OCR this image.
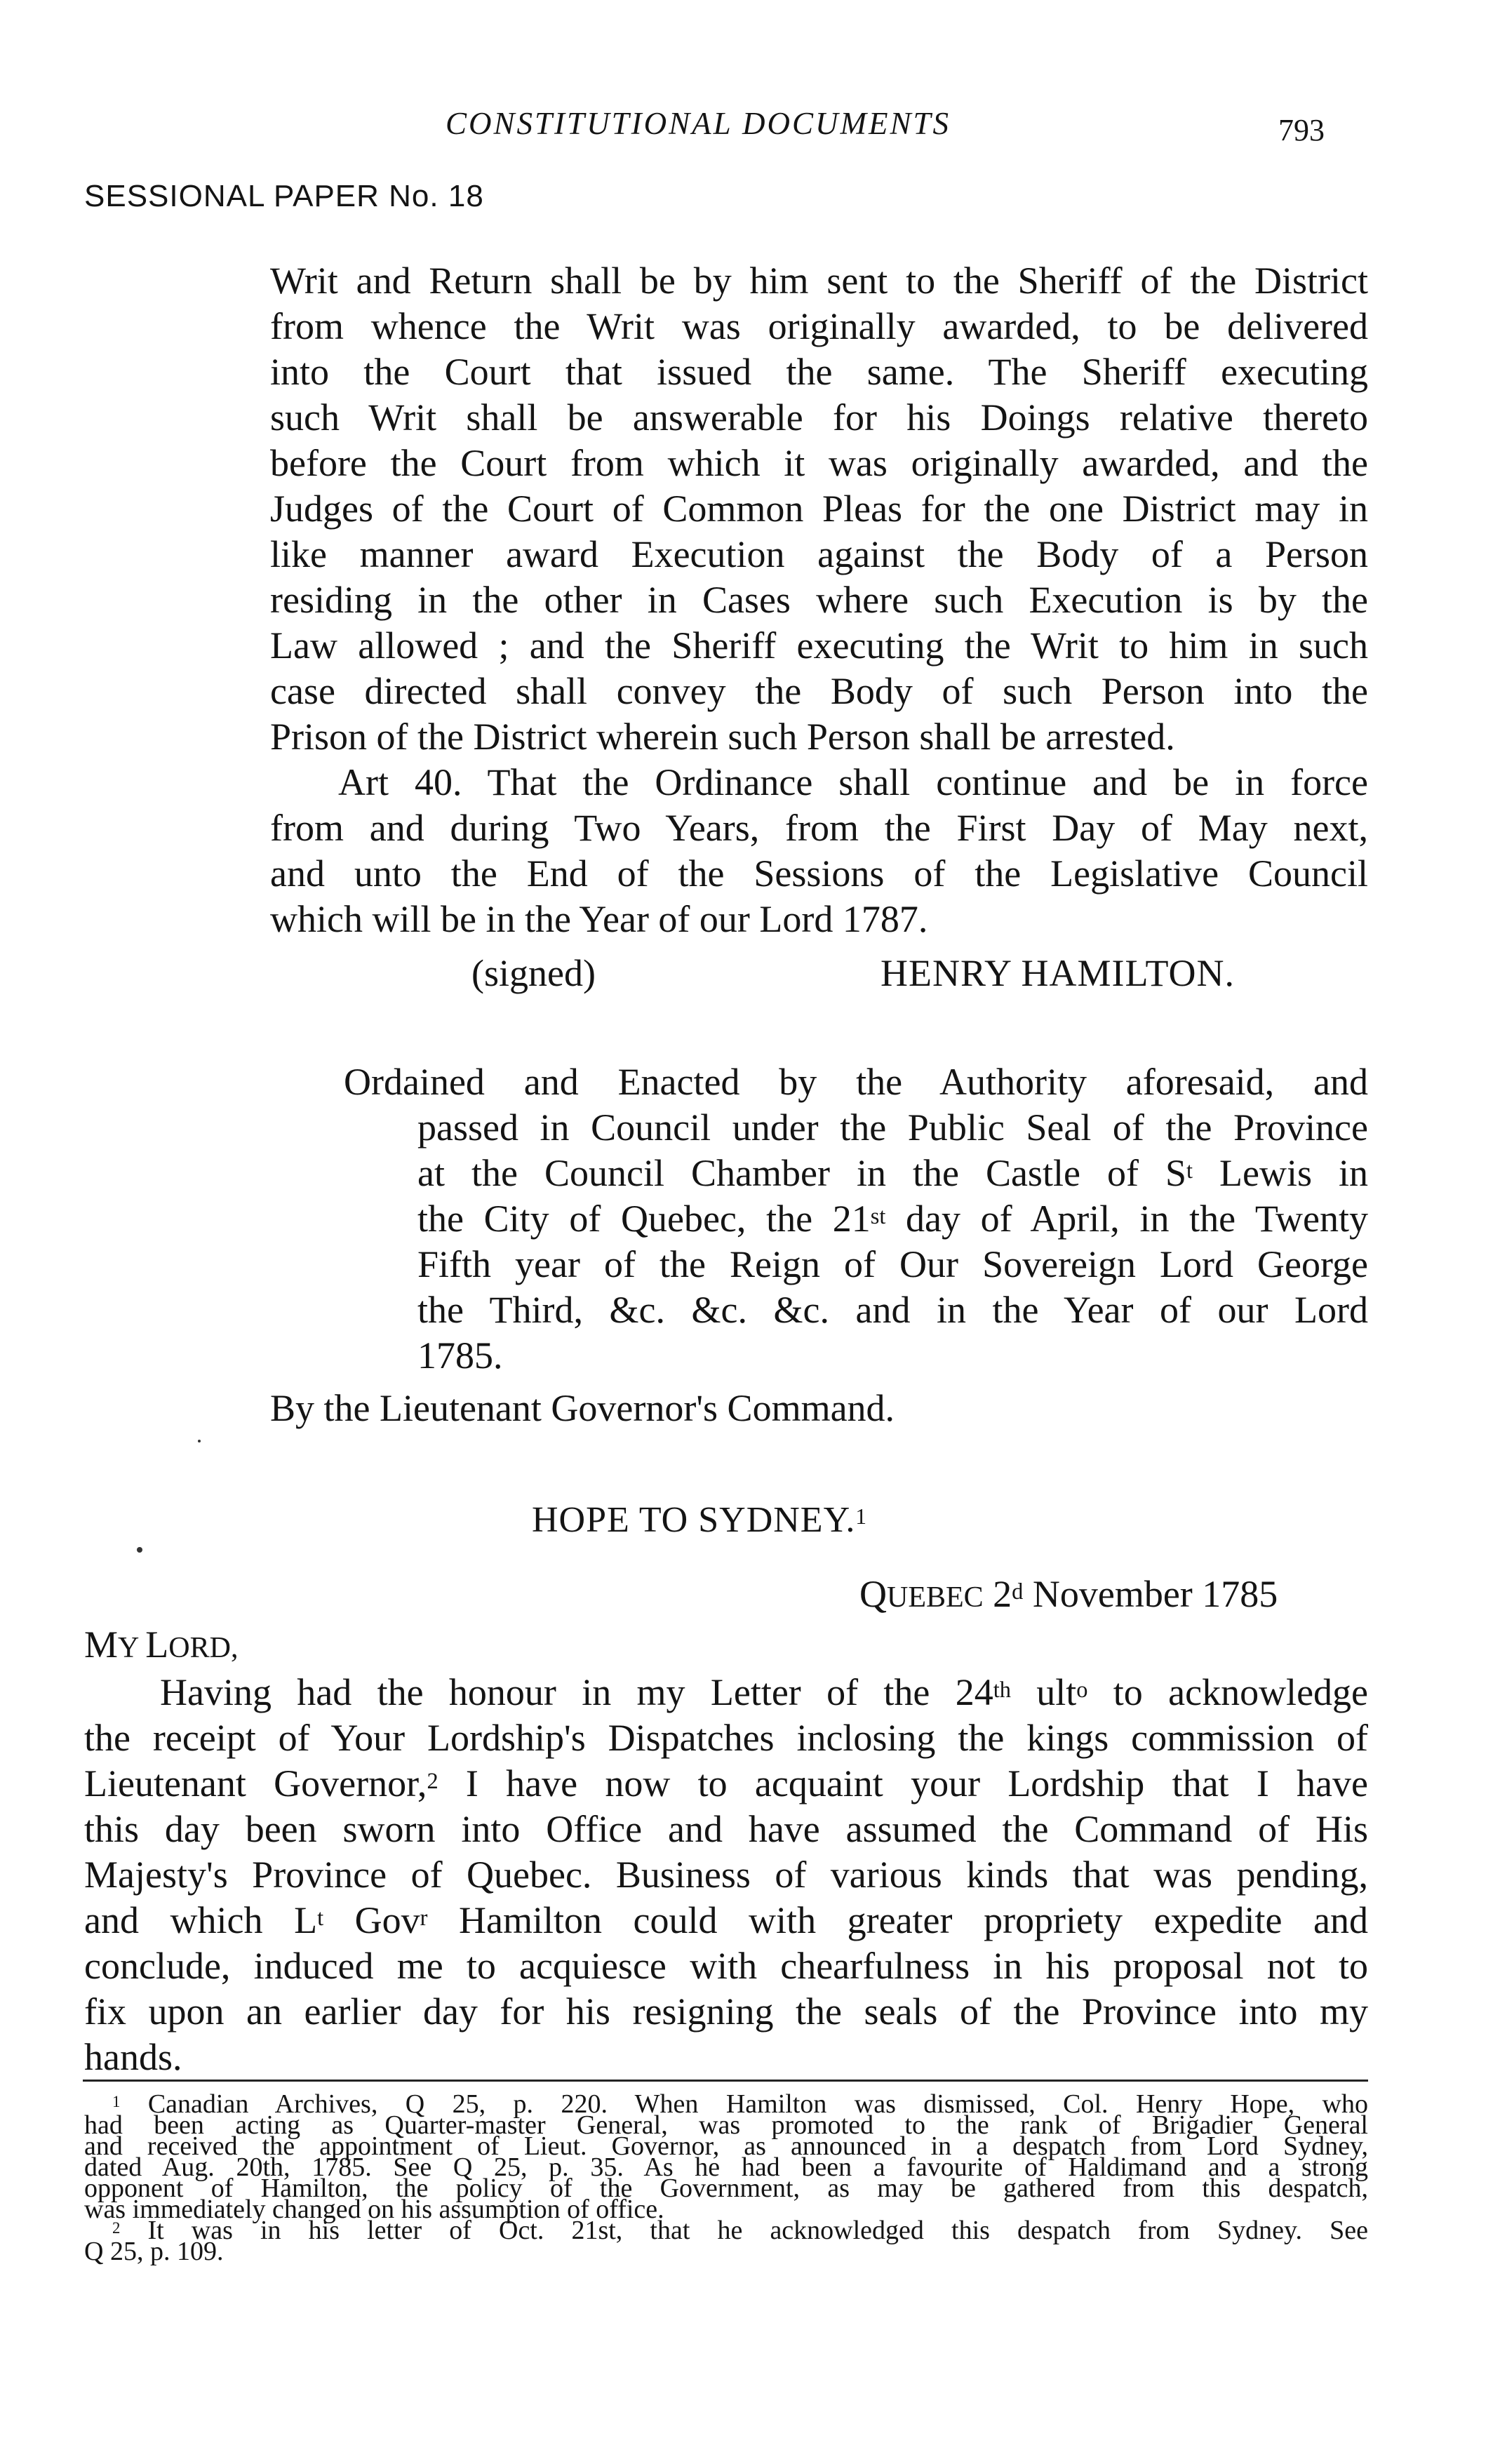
CONSTITUTIONAL DOCUMENTS	793
SESSIONAL PAPER No. 18
Writ and Return shall be by him sent to the Sheriff of the District
from whence the Writ was originally awarded, to be delivered
into the Court that issued the same. The Sheriff executing
such Writ shall be answerable for his Doings relative thereto
before the Court from which it was originally awarded, and the
Judges of the Court of Common Pleas for the one District may in
like manner award Execution against the Body of a Person
residing in the other in Cases where such Execution is by the
Law allowed ; and the Sheriff executing the Writ to him in such
case directed shall convey the Body of such Person into the
Prison of the District wherein such Person shall be arrested.
Art 40. That the Ordinance shall continue and be in force
from and during Two Years, from the First Day of May next,
and unto the End of the Sessions of the Legislative Council
which will be in the Year of our Lord 1787.
(signed)	HENRY HAMILTON.
Ordained and Enacted by the Authority aforesaid, and
passed in Council under the Public Seal of the Province
at the Council Chamber in the Castle of $S^t$ Lewis in
the City of Quebec, the 21st day of April, in the Twenty
Fifth year of the Reign of Our Sovereign Lord George
the Third, &c. &c. &c. and in the Year of our Lord
1785.
By the Lieutenant Governor's Command.
HOPE TO SYDNEY.$^1$
QUEBEC 2$^d$ November 1785
MY LORD,
Having had the honour in my Letter of the 24th ult$^o$ to acknowledge
the receipt of Your Lordship's Dispatches inclosing the kings commission of
Lieutenant Governor,$^2$ I have now to acquaint your Lordship that I have
this day been sworn into Office and have assumed the Command of His
Majesty's Province of Quebec. Business of various kinds that was pending,
and which $L^t$ Gov$^r$ Hamilton could with greater propriety expedite and
conclude, induced me to acquiesce with chearfulness in his proposal not to
fix upon an earlier day for his resigning the seals of the Province into my
hands.
$^1$ Canadian Archives, Q 25, p. 220. When Hamilton was dismissed, Col. Henry Hope, who
had been acting as Quarter-master General, was promoted to the rank of Brigadier General
and received the appointment of Lieut. Governor, as announced in a despatch from Lord Sydney,
dated Aug. 20th, 1785. See Q 25, p. 35. As he had been a favourite of Haldimand and a strong
opponent of Hamilton, the policy of the Government, as may be gathered from this despatch,
was immediately changed on his assumption of office.
$^2$ It was in his letter of Oct. 21st, that he acknowledged this despatch from Sydney. See
Q 25, p. 109.
